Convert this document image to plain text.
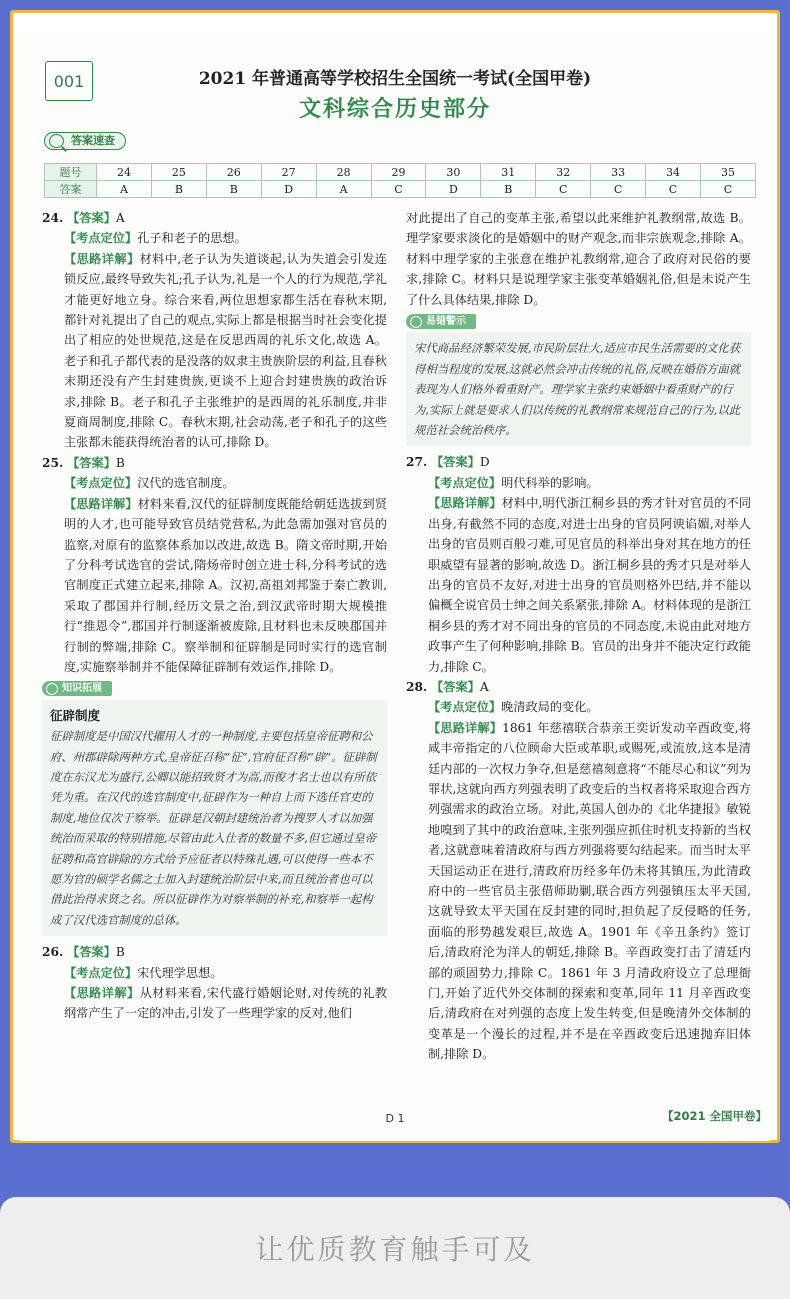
001	2021 年普通高等学校招生全国统一考试(全国甲卷)
文科综合历史部分
答案速查
题号	24	25	26	27	28	29	30	31	32	33	34	35
答案	A	B	B	D	A	C	D	B	C	C	C	C
24. 【答案】A
【考点定位】孔子和老子的思想。
【思路详解】材料中,老子认为失道谈起,认为失道会引发连锁反应,最终导致失礼;孔子认为,礼是一个人的行为规范,学礼才能更好地立身。综合来看,两位思想家都生活在春秋末期,都针对礼提出了自己的观点,实际上都是根据当时社会变化提出了相应的处世规范,这是在反思西周的礼乐文化,故选 A。老子和孔子都代表的是没落的奴隶主贵族阶层的利益,且春秋末期还没有产生封建贵族,更谈不上迎合封建贵族的政治诉求,排除 B。老子和孔子主张维护的是西周的礼乐制度,并非夏商周制度,排除 C。春秋末期,社会动荡,老子和孔子的这些主张都未能获得统治者的认可,排除 D。
25. 【答案】B
【考点定位】汉代的选官制度。
【思路详解】材料来看,汉代的征辟制度既能给朝廷选拔到贤明的人才,也可能导致官员结党营私,为此急需加强对官员的监察,对原有的监察体系加以改进,故选 B。隋文帝时期,开始了分科考试选官的尝试,隋炀帝时创立进士科,分科考试的选官制度正式建立起来,排除 A。汉初,高祖刘邦鉴于秦亡教训,采取了郡国并行制,经历文景之治,到汉武帝时期大规模推行“推恩令”,郡国并行制逐渐被废除,且材料也未反映郡国并行制的弊端,排除 C。察举制和征辟制是同时实行的选官制度,实施察举制并不能保障征辟制有效运作,排除 D。
知识拓展
征辟制度
征辟制度是中国汉代擢用人才的一种制度,主要包括皇帝征聘和公府、州郡辟除两种方式,皇帝征召称“征”,官府征召称“辟”。征辟制度在东汉尤为盛行,公卿以能招致贤才为高,而俊才名士也以有所依凭为重。在汉代的选官制度中,征辟作为一种自上而下选任官吏的制度,地位仅次于察举。征辟是汉朝封建统治者为搜罗人才以加强统治而采取的特别措施,尽管由此入仕者的数量不多,但它通过皇帝征聘和高官辟除的方式给予应征者以特殊礼遇,可以使得一些本不愿为官的硕学名儒之士加入封建统治阶层中来,而且统治者也可以借此治得求贤之名。所以征辟作为对察举制的补充,和察举一起构成了汉代选官制度的总体。
26. 【答案】B
【考点定位】宋代理学思想。
【思路详解】从材料来看,宋代盛行婚姻论财,对传统的礼教纲常产生了一定的冲击,引发了一些理学家的反对,他们
对此提出了自己的变革主张,希望以此来维护礼教纲常,故选 B。理学家要求淡化的是婚姻中的财产观念,而非宗族观念,排除 A。材料中理学家的主张意在维护礼教纲常,迎合了政府对民俗的要求,排除 C。材料只是说理学家主张变革婚姻礼俗,但是未说产生了什么具体结果,排除 D。
易错警示
宋代商品经济繁荣发展,市民阶层壮大,适应市民生活需要的文化获得相当程度的发展,这就必然会冲击传统的礼俗,反映在婚俗方面就表现为人们格外看重财产。理学家主张约束婚姻中看重财产的行为,实际上就是要求人们以传统的礼教纲常来规范自己的行为,以此规范社会统治秩序。
27. 【答案】D
【考点定位】明代科举的影响。
【思路详解】材料中,明代浙江桐乡县的秀才针对官员的不同出身,有截然不同的态度,对进士出身的官员阿谀谄媚,对举人出身的官员则百般刁难,可见官员的科举出身对其在地方的任职威望有显著的影响,故选 D。浙江桐乡县的秀才只是对举人出身的官员不友好,对进士出身的官员则格外巴结,并不能以偏概全说官员士绅之间关系紧张,排除 A。材料体现的是浙江桐乡县的秀才对不同出身的官员的不同态度,未说由此对地方政事产生了何种影响,排除 B。官员的出身并不能决定行政能力,排除 C。
28. 【答案】A
【考点定位】晚清政局的变化。
【思路详解】1861 年慈禧联合恭亲王奕䜣发动辛酉政变,将咸丰帝指定的八位顾命大臣或革职,或赐死,或流放,这本是清廷内部的一次权力争夺,但是慈禧刻意将“不能尽心和议”列为罪状,这就向西方列强表明了政变后的当权者将采取迎合西方列强需求的政治立场。对此,英国人创办的《北华捷报》敏锐地嗅到了其中的政治意味,主张列强应抓住时机支持新的当权者,这就意味着清政府与西方列强将要勾结起来。而当时太平天国运动正在进行,清政府历经多年仍未将其镇压,为此清政府中的一些官员主张借师助剿,联合西方列强镇压太平天国,这就导致太平天国在反封建的同时,担负起了反侵略的任务,面临的形势越发艰巨,故选 A。1901 年《辛丑条约》签订后,清政府沦为洋人的朝廷,排除 B。辛酉政变打击了清廷内部的顽固势力,排除 C。1861 年 3 月清政府设立了总理衙门,开始了近代外交体制的探索和变革,同年 11 月辛酉政变后,清政府在对列强的态度上发生转变,但是晚清外交体制的变革是一个漫长的过程,并不是在辛酉政变后迅速抛弃旧体制,排除 D。
D 1	【2021 全国甲卷】
让优质教育触手可及
